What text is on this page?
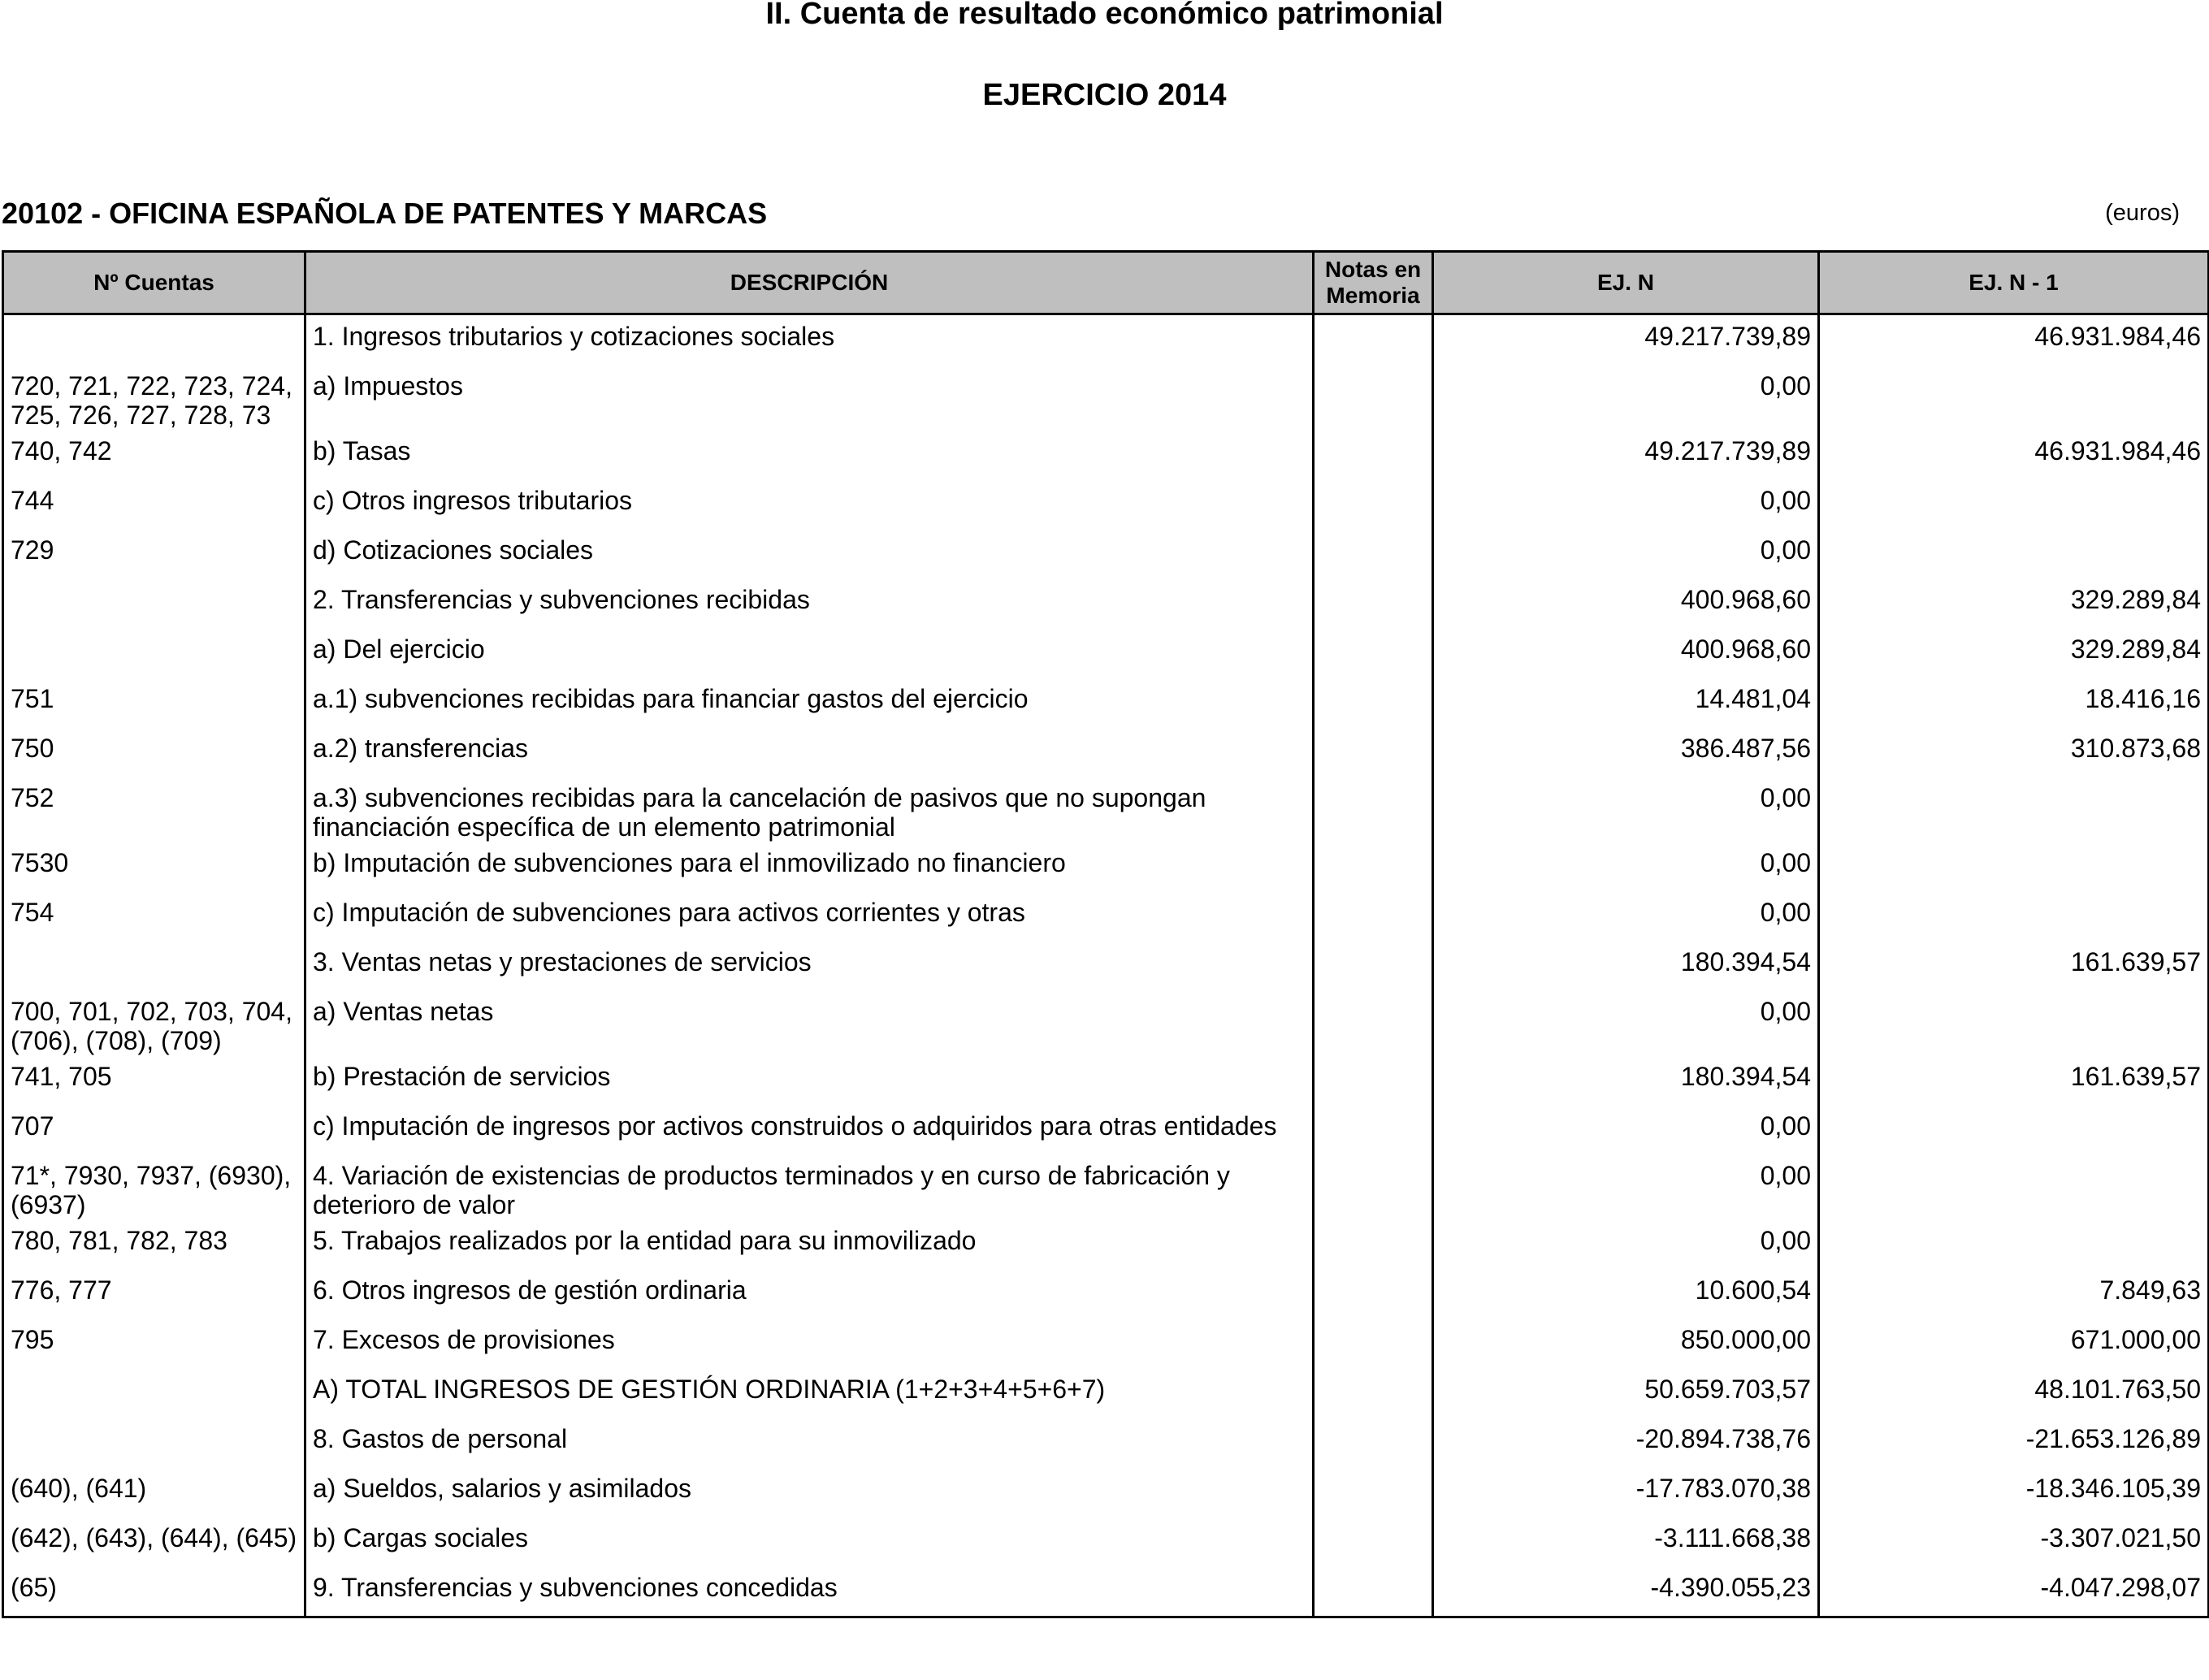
II. Cuenta de resultado económico patrimonial
EJERCICIO 2014
20102 - OFICINA ESPAÑOLA DE PATENTES Y MARCAS	(euros)
Nº Cuentas	DESCRIPCIÓN	Notas en Memoria	EJ. N	EJ. N - 1
	1. Ingresos tributarios y cotizaciones sociales		49.217.739,89	46.931.984,46
720, 721, 722, 723, 724, 725, 726, 727, 728, 73	a) Impuestos		0,00	
740, 742	b) Tasas		49.217.739,89	46.931.984,46
744	c) Otros ingresos tributarios		0,00	
729	d) Cotizaciones sociales		0,00	
	2. Transferencias y subvenciones recibidas		400.968,60	329.289,84
	a) Del ejercicio		400.968,60	329.289,84
751	a.1) subvenciones recibidas para financiar gastos del ejercicio		14.481,04	18.416,16
750	a.2) transferencias		386.487,56	310.873,68
752	a.3) subvenciones recibidas para la cancelación de pasivos que no supongan financiación específica de un elemento patrimonial		0,00	
7530	b) Imputación de subvenciones para el inmovilizado no financiero		0,00	
754	c) Imputación de subvenciones para activos corrientes y otras		0,00	
	3. Ventas netas y prestaciones de servicios		180.394,54	161.639,57
700, 701, 702, 703, 704, (706), (708), (709)	a) Ventas netas		0,00	
741, 705	b) Prestación de servicios		180.394,54	161.639,57
707	c) Imputación de ingresos por activos construidos o adquiridos para otras entidades		0,00	
71*, 7930, 7937, (6930), (6937)	4. Variación de existencias de productos terminados y en curso de fabricación y deterioro de valor		0,00	
780, 781, 782, 783	5. Trabajos realizados por la entidad para su inmovilizado		0,00	
776, 777	6. Otros ingresos de gestión ordinaria		10.600,54	7.849,63
795	7. Excesos de provisiones		850.000,00	671.000,00
	A) TOTAL INGRESOS DE GESTIÓN ORDINARIA (1+2+3+4+5+6+7)		50.659.703,57	48.101.763,50
	8. Gastos de personal		-20.894.738,76	-21.653.126,89
(640), (641)	a) Sueldos, salarios y asimilados		-17.783.070,38	-18.346.105,39
(642), (643), (644), (645)	b) Cargas sociales		-3.111.668,38	-3.307.021,50
(65)	9. Transferencias y subvenciones concedidas		-4.390.055,23	-4.047.298,07
